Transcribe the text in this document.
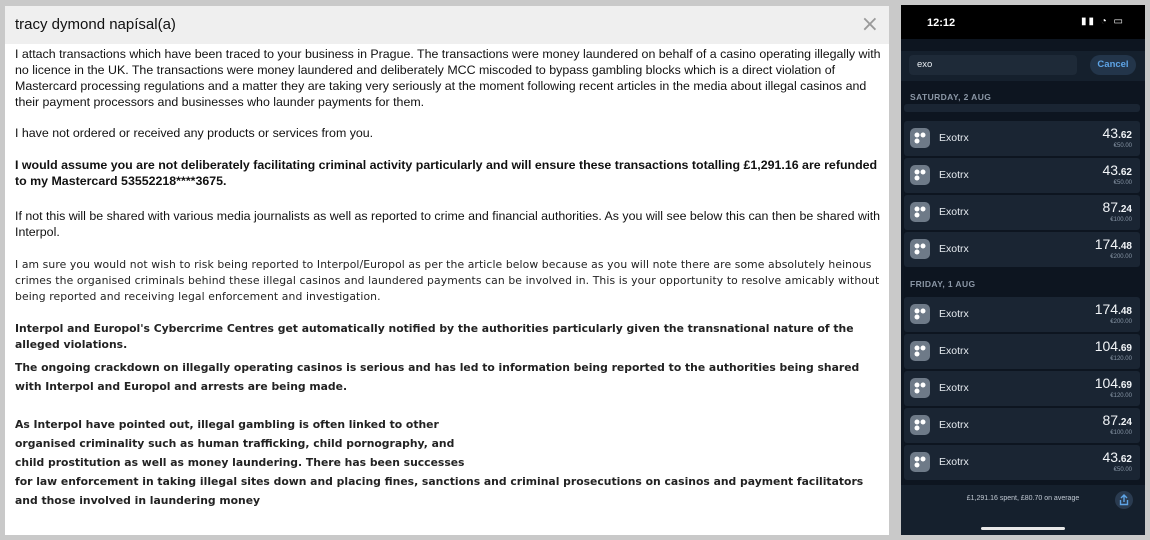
tracy dymond napísal(a)	×

I attach transactions which have been traced to your business in Prague. The transactions were money laundered on behalf of a casino operating illegally with no licence in the UK. The transactions were money laundered and deliberately MCC miscoded to bypass gambling blocks which is a direct violation of Mastercard processing regulations and a matter they are taking very seriously at the moment following recent articles in the media about illegal casinos and their payment processors and businesses who launder payments for them.

I have not ordered or received any products or services from you.

I would assume you are not deliberately facilitating criminal activity particularly and will ensure these transactions totalling £1,291.16 are refunded to my Mastercard 53552218****3675.

If not this will be shared with various media journalists as well as reported to crime and financial authorities. As you will see below this can then be shared with Interpol.

I am sure you would not wish to risk being reported to Interpol/Europol as per the article below because as you will note there are some absolutely heinous crimes the organised criminals behind these illegal casinos and laundered payments can be involved in. This is your opportunity to resolve amicably without being reported and receiving legal enforcement and investigation.

Interpol and Europol's Cybercrime Centres get automatically notified by the authorities particularly given the transnational nature of the alleged violations.

The ongoing crackdown on illegally operating casinos is serious and has led to information being reported to the authorities being shared with Interpol and Europol and arrests are being made.

As Interpol have pointed out, illegal gambling is often linked to other
organised criminality such as human trafficking, child pornography, and
child prostitution as well as money laundering. There has been successes
for law enforcement in taking illegal sites down and placing fines, sanctions and criminal prosecutions on casinos and payment facilitators and those involved in laundering money

12:12	▮▮ ◔ ▭
exo	Cancel
SATURDAY, 2 AUG
Exotrx	43.62
€50.00
Exotrx	43.62
€50.00
Exotrx	87.24
€100.00
Exotrx	174.48
€200.00
FRIDAY, 1 AUG
Exotrx	174.48
€200.00
Exotrx	104.69
€120.00
Exotrx	104.69
€120.00
Exotrx	87.24
€100.00
Exotrx	43.62
€50.00
£1,291.16 spent, £80.70 on average
